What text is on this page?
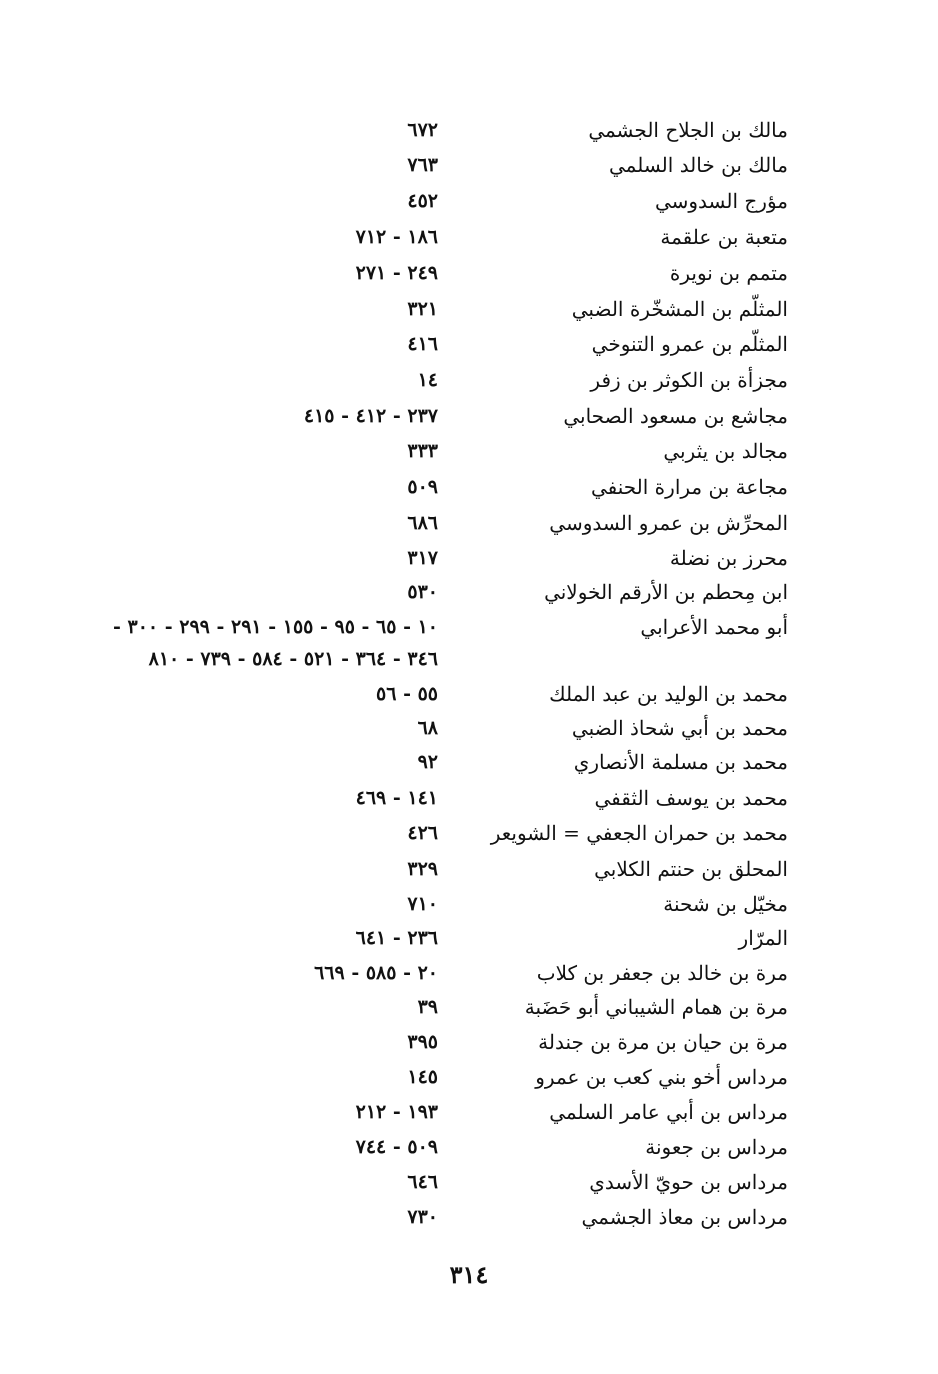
مالك بن الجلاح الجشمي
٦٧٢
مالك بن خالد السلمي
٧٦٣
مؤرج السدوسي
٤٥٢
متعبة بن علقمة
١٨٦ - ٧١٢
متمم بن نويرة
٢٤٩ - ٢٧١
المثلّم بن المشخّرة الضبي
٣٢١
المثلّم بن عمرو التنوخي
٤١٦
مجزأة بن الكوثر بن زفر
١٤
مجاشع بن مسعود الصحابي
٢٣٧ - ٤١٢ - ٤١٥
مجالد بن يثربي
٣٣٣
مجاعة بن مرارة الحنفي
٥٠٩
المحرِّش بن عمرو السدوسي
٦٨٦
محرز بن نضلة
٣١٧
ابن مِحطم بن الأرقم الخولاني
٥٣٠
أبو محمد الأعرابي
١٠ - ٦٥ - ٩٥ - ١٥٥ - ٢٩١ - ٢٩٩ - ٣٠٠ -
٣٤٦ - ٣٦٤ - ٥٢١ - ٥٨٤ - ٧٣٩ - ٨١٠
محمد بن الوليد بن عبد الملك
٥٥ - ٥٦
محمد بن أبي شحاذ الضبي
٦٨
محمد بن مسلمة الأنصاري
٩٢
محمد بن يوسف الثقفي
١٤١ - ٤٦٩
محمد بن حمران الجعفي = الشويعر
٤٢٦
المحلق بن حنتم الكلابي
٣٢٩
مخيّل بن شحنة
٧١٠
المرّار
٢٣٦ - ٦٤١
مرة بن خالد بن جعفر بن كلاب
٢٠ - ٥٨٥ - ٦٦٩
مرة بن همام الشيباني أبو حَضَبة
٣٩
مرة بن حيان بن مرة بن جندلة
٣٩٥
مرداس أخو بني كعب بن عمرو
١٤٥
مرداس بن أبي عامر السلمي
١٩٣ - ٢١٢
مرداس بن جعونة
٥٠٩ - ٧٤٤
مرداس بن حويّ الأسدي
٦٤٦
مرداس بن معاذ الجشمي
٧٣٠
٣١٤
